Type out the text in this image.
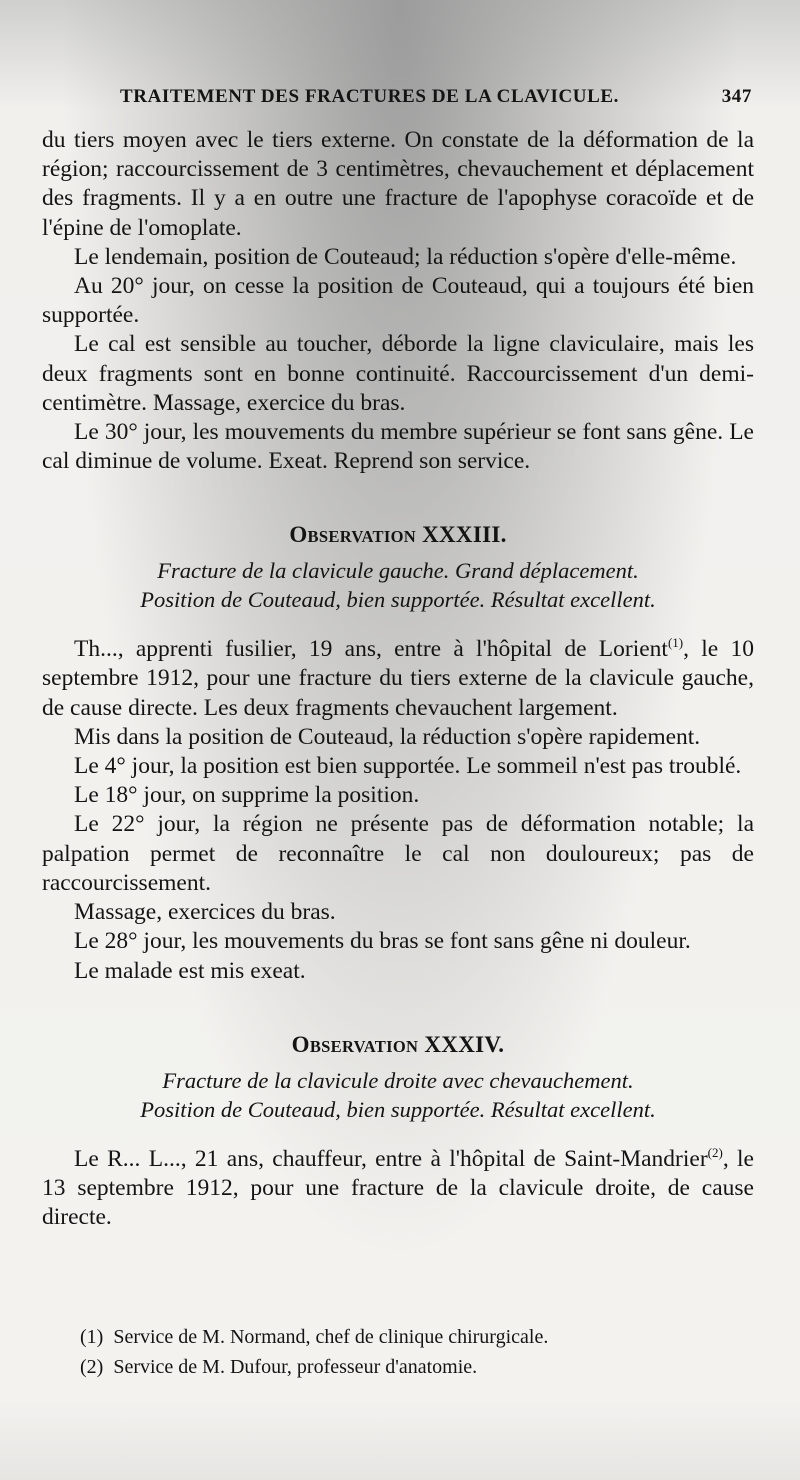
TRAITEMENT DES FRACTURES DE LA CLAVICULE.	347

du tiers moyen avec le tiers externe. On constate de la déformation de la région; raccourcissement de 3 centimètres, chevauchement et déplacement des fragments. Il y a en outre une fracture de l'apophyse coracoïde et de l'épine de l'omoplate.

Le lendemain, position de Couteaud; la réduction s'opère d'elle-même.

Au 20° jour, on cesse la position de Couteaud, qui a toujours été bien supportée.

Le cal est sensible au toucher, déborde la ligne claviculaire, mais les deux fragments sont en bonne continuité. Raccourcissement d'un demi-centimètre. Massage, exercice du bras.

Le 30° jour, les mouvements du membre supérieur se font sans gêne. Le cal diminue de volume. Exeat. Reprend son service.

OBSERVATION XXXIII.
Fracture de la clavicule gauche. Grand déplacement.
Position de Couteaud, bien supportée. Résultat excellent.

Th..., apprenti fusilier, 19 ans, entre à l'hôpital de Lorient$^{(1)}$, le 10 septembre 1912, pour une fracture du tiers externe de la clavicule gauche, de cause directe. Les deux fragments chevauchent largement.

Mis dans la position de Couteaud, la réduction s'opère rapidement.

Le 4° jour, la position est bien supportée. Le sommeil n'est pas troublé.

Le 18° jour, on supprime la position.

Le 22° jour, la région ne présente pas de déformation notable; la palpation permet de reconnaître le cal non douloureux; pas de raccourcissement.

Massage, exercices du bras.

Le 28° jour, les mouvements du bras se font sans gêne ni douleur.

Le malade est mis exeat.

OBSERVATION XXXIV.
Fracture de la clavicule droite avec chevauchement.
Position de Couteaud, bien supportée. Résultat excellent.

Le R... L..., 21 ans, chauffeur, entre à l'hôpital de Saint-Mandrier$^{(2)}$, le 13 septembre 1912, pour une fracture de la clavicule droite, de cause directe.

(1) Service de M. Normand, chef de clinique chirurgicale.
(2) Service de M. Dufour, professeur d'anatomie.
